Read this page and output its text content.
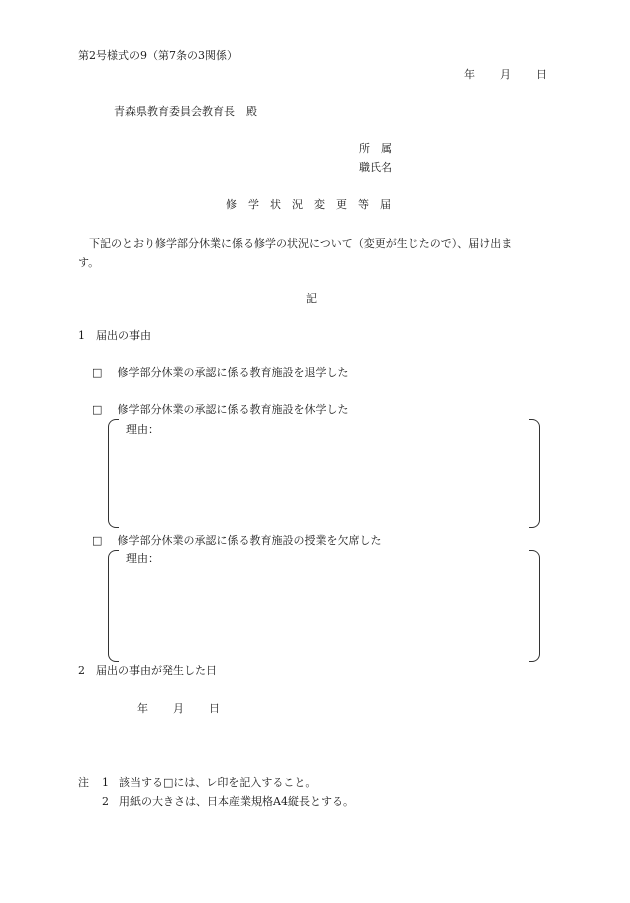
第2号様式の9（第7条の3関係）
年 月 日
青森県教育委員会教育長　殿
所　属
職氏名
修　学　状　況　変　更　等　届
　下記のとおり修学部分休業に係る修学の状況について（変更が生じたので）、届け出ま
す。
記
1　届出の事由
□ 修学部分休業の承認に係る教育施設を退学した
□ 修学部分休業の承認に係る教育施設を休学した
理由：
□ 修学部分休業の承認に係る教育施設の授業を欠席した
理由：
2　届出の事由が発生した日
年 月 日
注 1 該当する□には、レ印を記入すること。
2 用紙の大きさは、日本産業規格A4縦長とする。
